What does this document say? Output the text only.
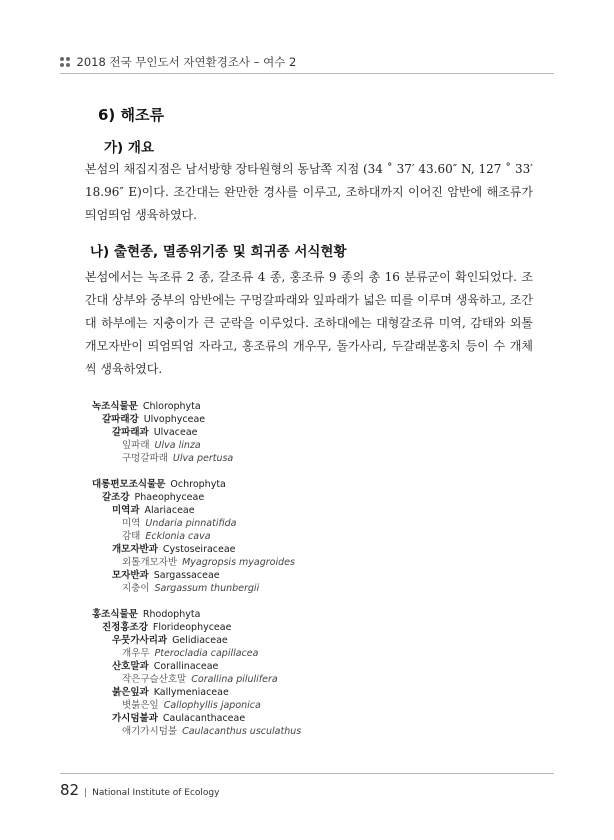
2018 전국 무인도서 자연환경조사 – 여수 2
6) 해조류
가) 개요

본섬의 채집지점은 남서방향 장타원형의 동남쪽 지점 (34 ˚ 37′ 43.60″ N, 127 ˚ 33′ 18.96″ E)이다. 조간대는 완만한 경사를 이루고, 조하대까지 이어진 암반에 해조류가 띄엄띄엄 생육하였다.

나) 출현종, 멸종위기종 및 희귀종 서식현황

본섬에서는 녹조류 2 종, 갈조류 4 종, 홍조류 9 종의 총 16 분류군이 확인되었다. 조간대 상부와 중부의 암반에는 구멍갈파래와 잎파래가 넓은 띠를 이루며 생육하고, 조간대 하부에는 지충이가 큰 군락을 이루었다. 조하대에는 대형갈조류 미역, 감태와 외톨개모자반이 띄엄띄엄 자라고, 홍조류의 개우무, 돌가사리, 두갈래분홍치 등이 수 개체씩 생육하였다.

녹조식물문 Chlorophyta
갈파래강 Ulvophyceae
갈파래과 Ulvaceae
잎파래 Ulva linza
구멍갈파래 Ulva pertusa
대롱편모조식물문 Ochrophyta
갈조강 Phaeophyceae
미역과 Alariaceae
미역 Undaria pinnatifida
감태 Ecklonia cava
개모자반과 Cystoseiraceae
외톨개모자반 Myagropsis myagroides
모자반과 Sargassaceae
지충이 Sargassum thunbergii
홍조식물문 Rhodophyta
진정홍조강 Florideophyceae
우뭇가사리과 Gelidiaceae
개우무 Pterocladia capillacea
산호말과 Corallinaceae
작은구슬산호말 Corallina pilulifera
붉은잎과 Kallymeniaceae
볏붉은잎 Callophyllis japonica
가시덤불과 Caulacanthaceae
애기가시덤불 Caulacanthus usculathus
82 | National Institute of Ecology
